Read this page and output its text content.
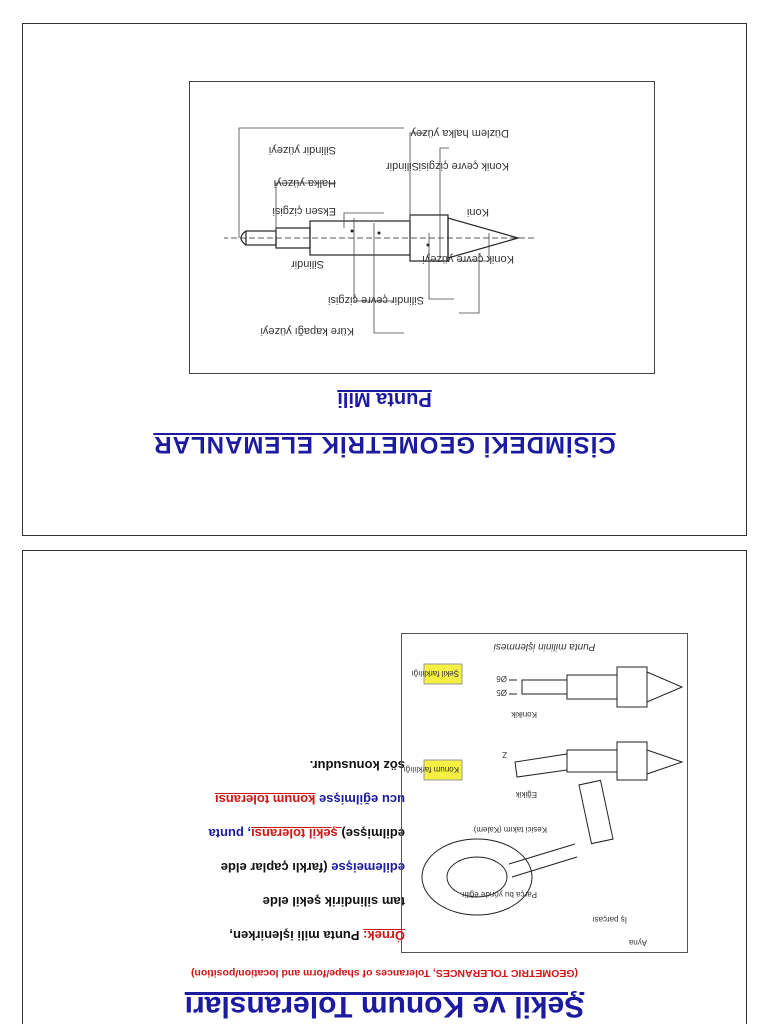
CİSİMDEKİ GEOMETRİK ELEMANLAR
Punta Mili
Konik çevre yüzeyi
Koni
Konik çevre çizgisi
Düzlem halka yüzey
Silindir
Silindir çevre çizgisi
Eksen çizgisi
Halka yüzeyi
Silindir yüzeyi
Silindir
Küre kapağı yüzeyi
Şekil ve Konum Toleransları
(GEOMETRIC TOLERANCES, Tolerances of shape/form and location/position)
Örnek: Punta mili işlenirken,
tam silindirik şekil elde
edilemeişse (farklı çaplar elde
edilmişse) şekil toleransı, punta
ucu eğilmişse konum toleransı
söz konusudur.
Ayna
İş parçası
Parça bu yönde eğilir.
Kesici takım (Kalem)
Eğikik
Konum farklılığı
Z
Konikik
Ø5
Ø6
Şekil farklılığı
Punta milinin işlenmesi
